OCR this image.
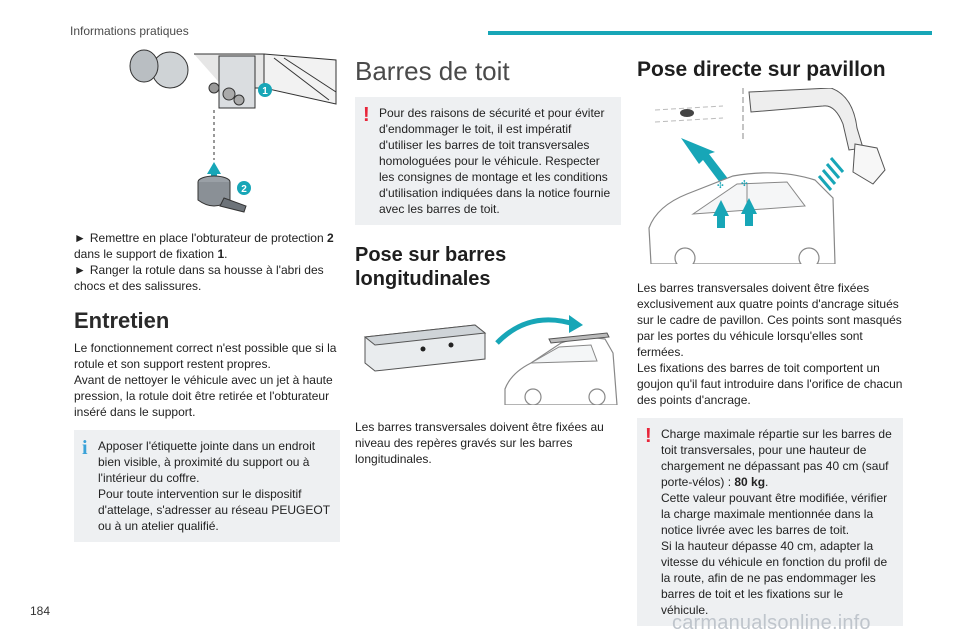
Informations pratiques
1
2

► Remettre en place l'obturateur de protection 2 dans le support de fixation 1.

► Ranger la rotule dans sa housse à l'abri des chocs et des salissures.

Entretien

Le fonctionnement correct n'est possible que si la rotule et son support restent propres.

Avant de nettoyer le véhicule avec un jet à haute pression, la rotule doit être retirée et l'obturateur inséré dans le support.

i Apposer l'étiquette jointe dans un endroit bien visible, à proximité du support ou à l'intérieur du coffre.
Pour toute intervention sur le dispositif d'attelage, s'adresser au réseau PEUGEOT ou à un atelier qualifié.
Barres de toit
! Pour des raisons de sécurité et pour éviter d'endommager le toit, il est impératif d'utiliser les barres de toit transversales homologuées pour le véhicule. Respecter les consignes de montage et les conditions d'utilisation indiquées dans la notice fournie avec les barres de toit.
Pose sur barres longitudinales

Les barres transversales doivent être fixées au niveau des repères gravés sur les barres longitudinales.

Pose directe sur pavillon
✣ ✣

Les barres transversales doivent être fixées exclusivement aux quatre points d'ancrage situés sur le cadre de pavillon. Ces points sont masqués par les portes du véhicule lorsqu'elles sont fermées.

Les fixations des barres de toit comportent un goujon qu'il faut introduire dans l'orifice de chacun des points d'ancrage.

! Charge maximale répartie sur les barres de toit transversales, pour une hauteur de chargement ne dépassant pas 40 cm (sauf porte-vélos) : 80 kg.
Cette valeur pouvant être modifiée, vérifier la charge maximale mentionnée dans la notice livrée avec les barres de toit.
Si la hauteur dépasse 40 cm, adapter la vitesse du véhicule en fonction du profil de la route, afin de ne pas endommager les barres de toit et les fixations sur le véhicule.
184
carmanualsonline.info
